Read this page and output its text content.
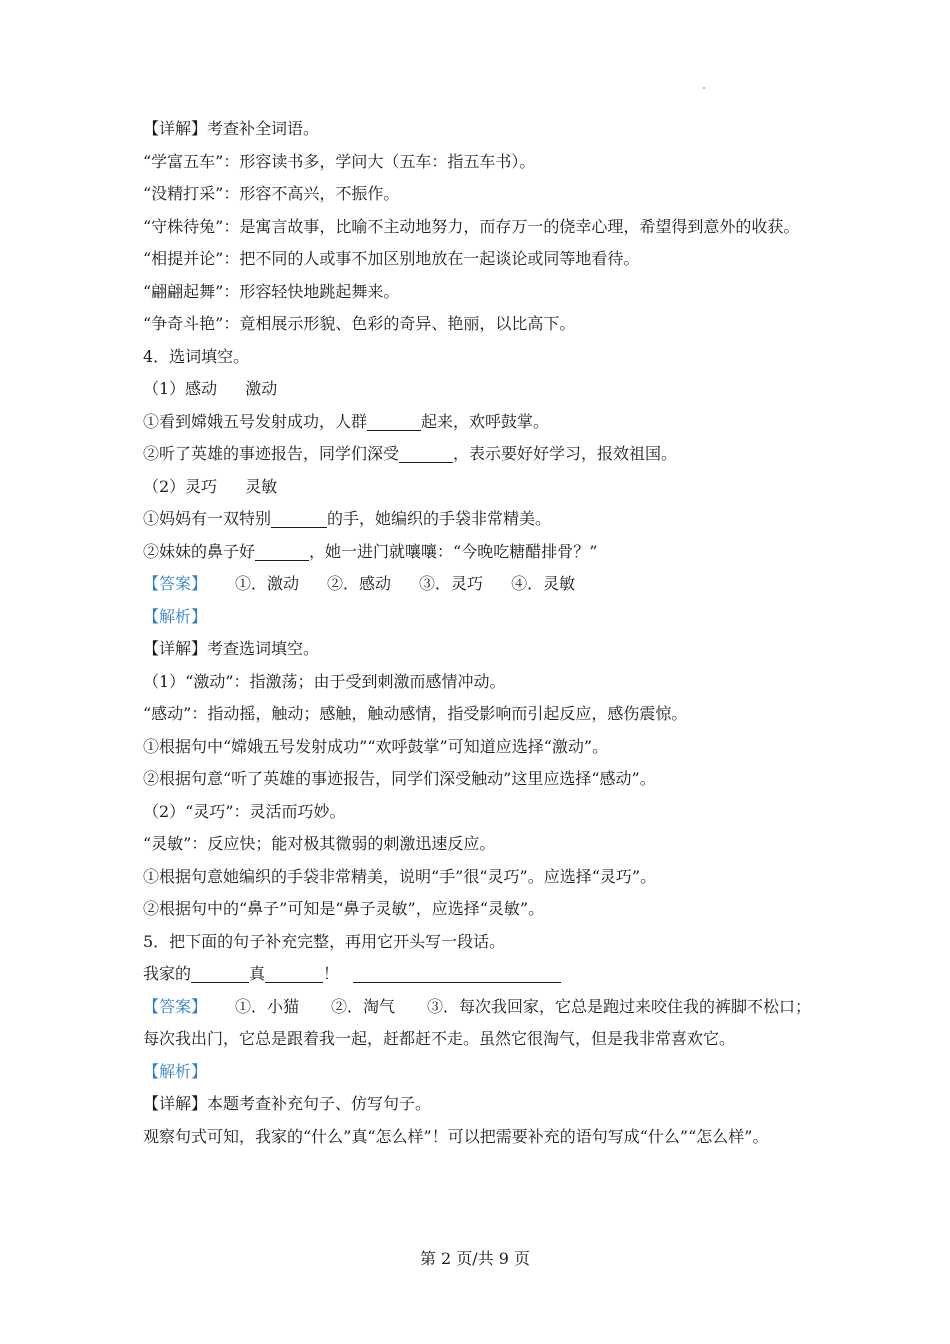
【详解】考查补全词语。
“学富五车”：形容读书多，学问大（五车：指五车书）。
“没精打采”：形容不高兴，不振作。
“守株待兔”：是寓言故事，比喻不主动地努力，而存万一的侥幸心理，希望得到意外的收获。
“相提并论”：把不同的人或事不加区别地放在一起谈论或同等地看待。
“翩翩起舞”：形容轻快地跳起舞来。
“争奇斗艳”：竟相展示形貌、色彩的奇异、艳丽，以比高下。
4．选词填空。
（1）感动 激动
①看到嫦娥五号发射成功，人群	起来，欢呼鼓掌。
②听了英雄的事迹报告，同学们深受	，表示要好好学习，报效祖国。
（2）灵巧 灵敏
①妈妈有一双特别	的手，她编织的手袋非常精美。
②妹妹的鼻子好	，她一进门就嚷嚷：“今晚吃糖醋排骨？”
【答案】 ①．激动 ②．感动 ③．灵巧 ④．灵敏
【解析】
【详解】考查选词填空。
（1）“激动”：指激荡；由于受到刺激而感情冲动。
“感动”：指动摇，触动；感触，触动感情，指受影响而引起反应，感伤震惊。
①根据句中“嫦娥五号发射成功”“欢呼鼓掌”可知道应选择“激动”。
②根据句意“听了英雄的事迹报告，同学们深受触动”这里应选择“感动”。
（2）“灵巧”：灵活而巧妙。
“灵敏”：反应快；能对极其微弱的刺激迅速反应。
①根据句意她编织的手袋非常精美，说明“手”很“灵巧”。应选择“灵巧”。
②根据句中的“鼻子”可知是“鼻子灵敏”，应选择“灵敏”。
5．把下面的句子补充完整，再用它开头写一段话。
我家的	真	！
【答案】 ①．小猫　　②．淘气　　③．每次我回家，它总是跑过来咬住我的裤脚不松口；每次我出门，它总是跟着我一起，赶都赶不走。虽然它很淘气，但是我非常喜欢它。
【解析】
【详解】本题考查补充句子、仿写句子。
观察句式可知，我家的“什么”真“怎么样”！可以把需要补充的语句写成“什么”“怎么样”。
第 2 页/共 9 页
